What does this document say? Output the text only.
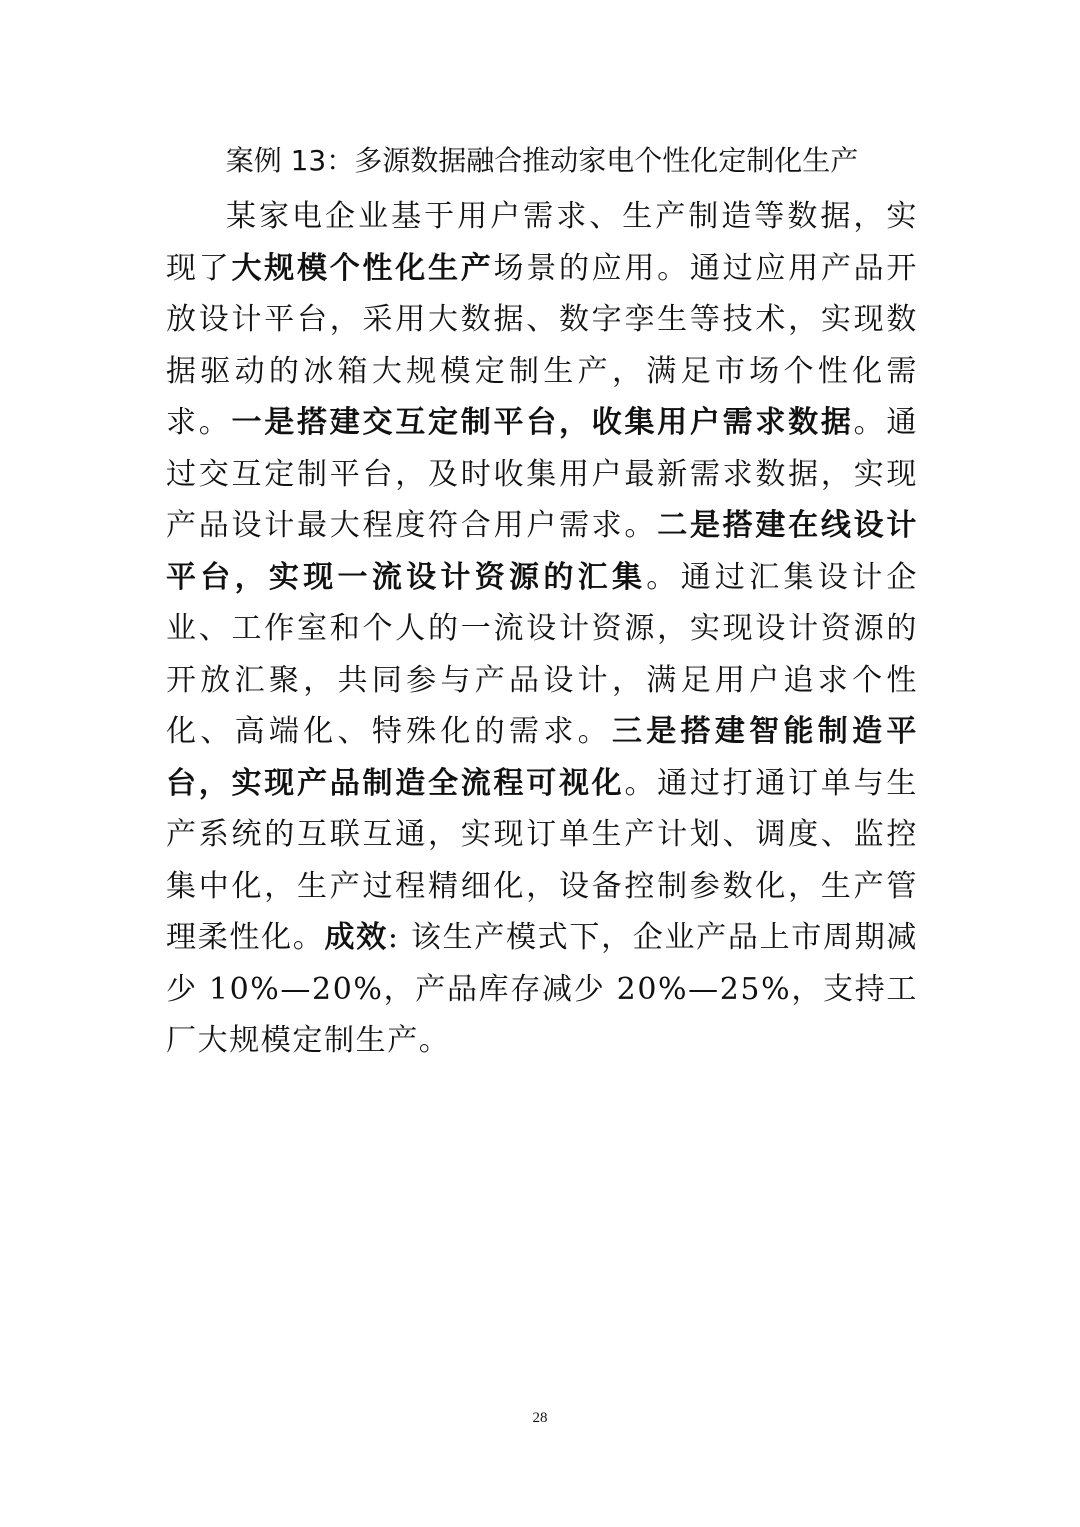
案例 13：多源数据融合推动家电个性化定制化生产

某家电企业基于用户需求、生产制造等数据，实现了大规模个性化生产场景的应用。通过应用产品开放设计平台，采用大数据、数字孪生等技术，实现数据驱动的冰箱大规模定制生产，满足市场个性化需求。一是搭建交互定制平台，收集用户需求数据。通过交互定制平台，及时收集用户最新需求数据，实现产品设计最大程度符合用户需求。二是搭建在线设计平台，实现一流设计资源的汇集。通过汇集设计企业、工作室和个人的一流设计资源，实现设计资源的开放汇聚，共同参与产品设计，满足用户追求个性化、高端化、特殊化的需求。三是搭建智能制造平台，实现产品制造全流程可视化。通过打通订单与生产系统的互联互通，实现订单生产计划、调度、监控集中化，生产过程精细化，设备控制参数化，生产管理柔性化。成效: 该生产模式下，企业产品上市周期减少 10%—20%，产品库存减少 20%—25%，支持工厂大规模定制生产。

28
